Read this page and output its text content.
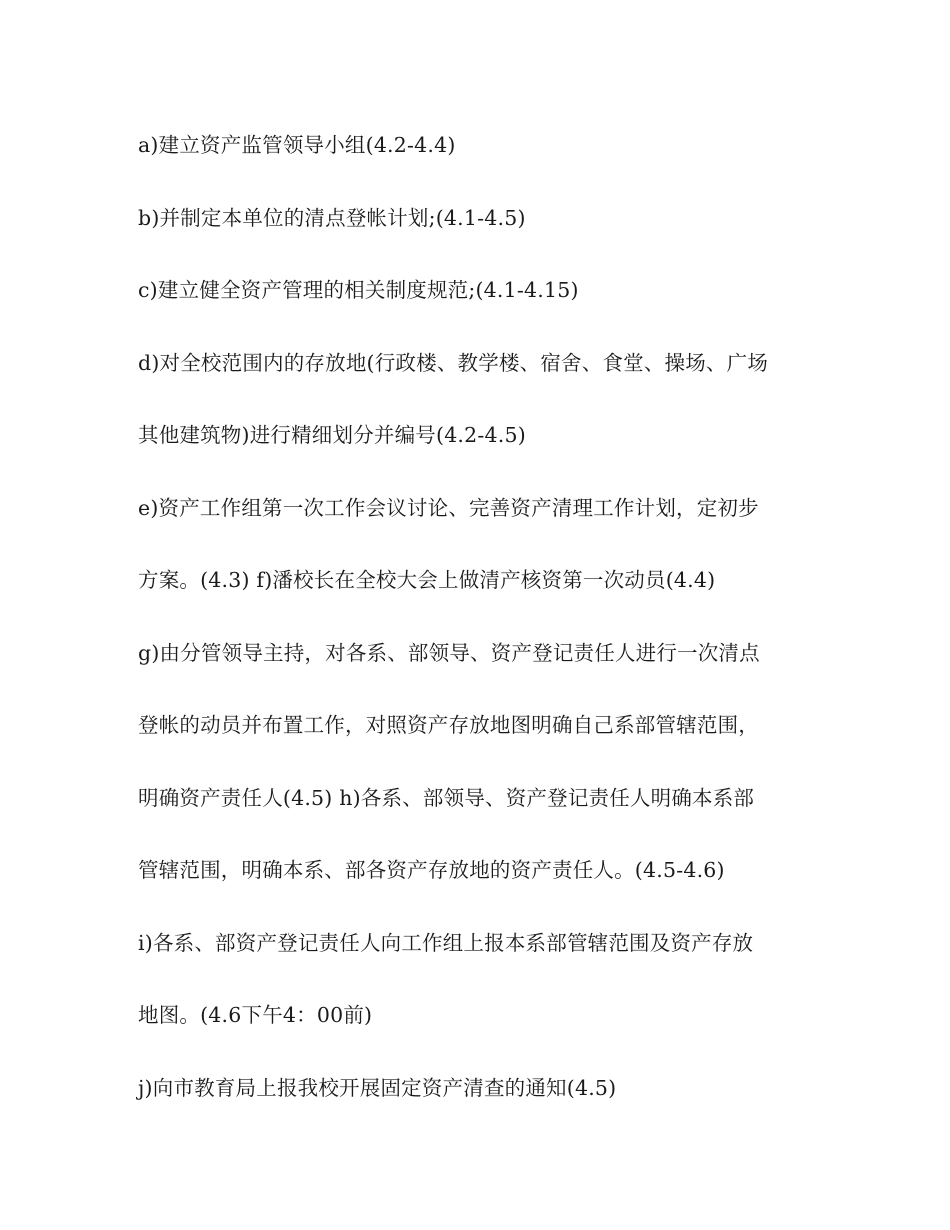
a)建立资产监管领导小组(4.2-4.4)

b)并制定本单位的清点登帐计划;(4.1-4.5)

c)建立健全资产管理的相关制度规范;(4.1-4.15)

d)对全校范围内的存放地(行政楼、教学楼、宿舍、食堂、操场、广场

其他建筑物)进行精细划分并编号(4.2-4.5)

e)资产工作组第一次工作会议讨论、完善资产清理工作计划，定初步

方案。(4.3) f)潘校长在全校大会上做清产核资第一次动员(4.4)

g)由分管领导主持，对各系、部领导、资产登记责任人进行一次清点

登帐的动员并布置工作，对照资产存放地图明确自己系部管辖范围，

明确资产责任人(4.5) h)各系、部领导、资产登记责任人明确本系部

管辖范围，明确本系、部各资产存放地的资产责任人。(4.5-4.6)

i)各系、部资产登记责任人向工作组上报本系部管辖范围及资产存放

地图。(4.6下午4：00前)

j)向市教育局上报我校开展固定资产清查的通知(4.5)
